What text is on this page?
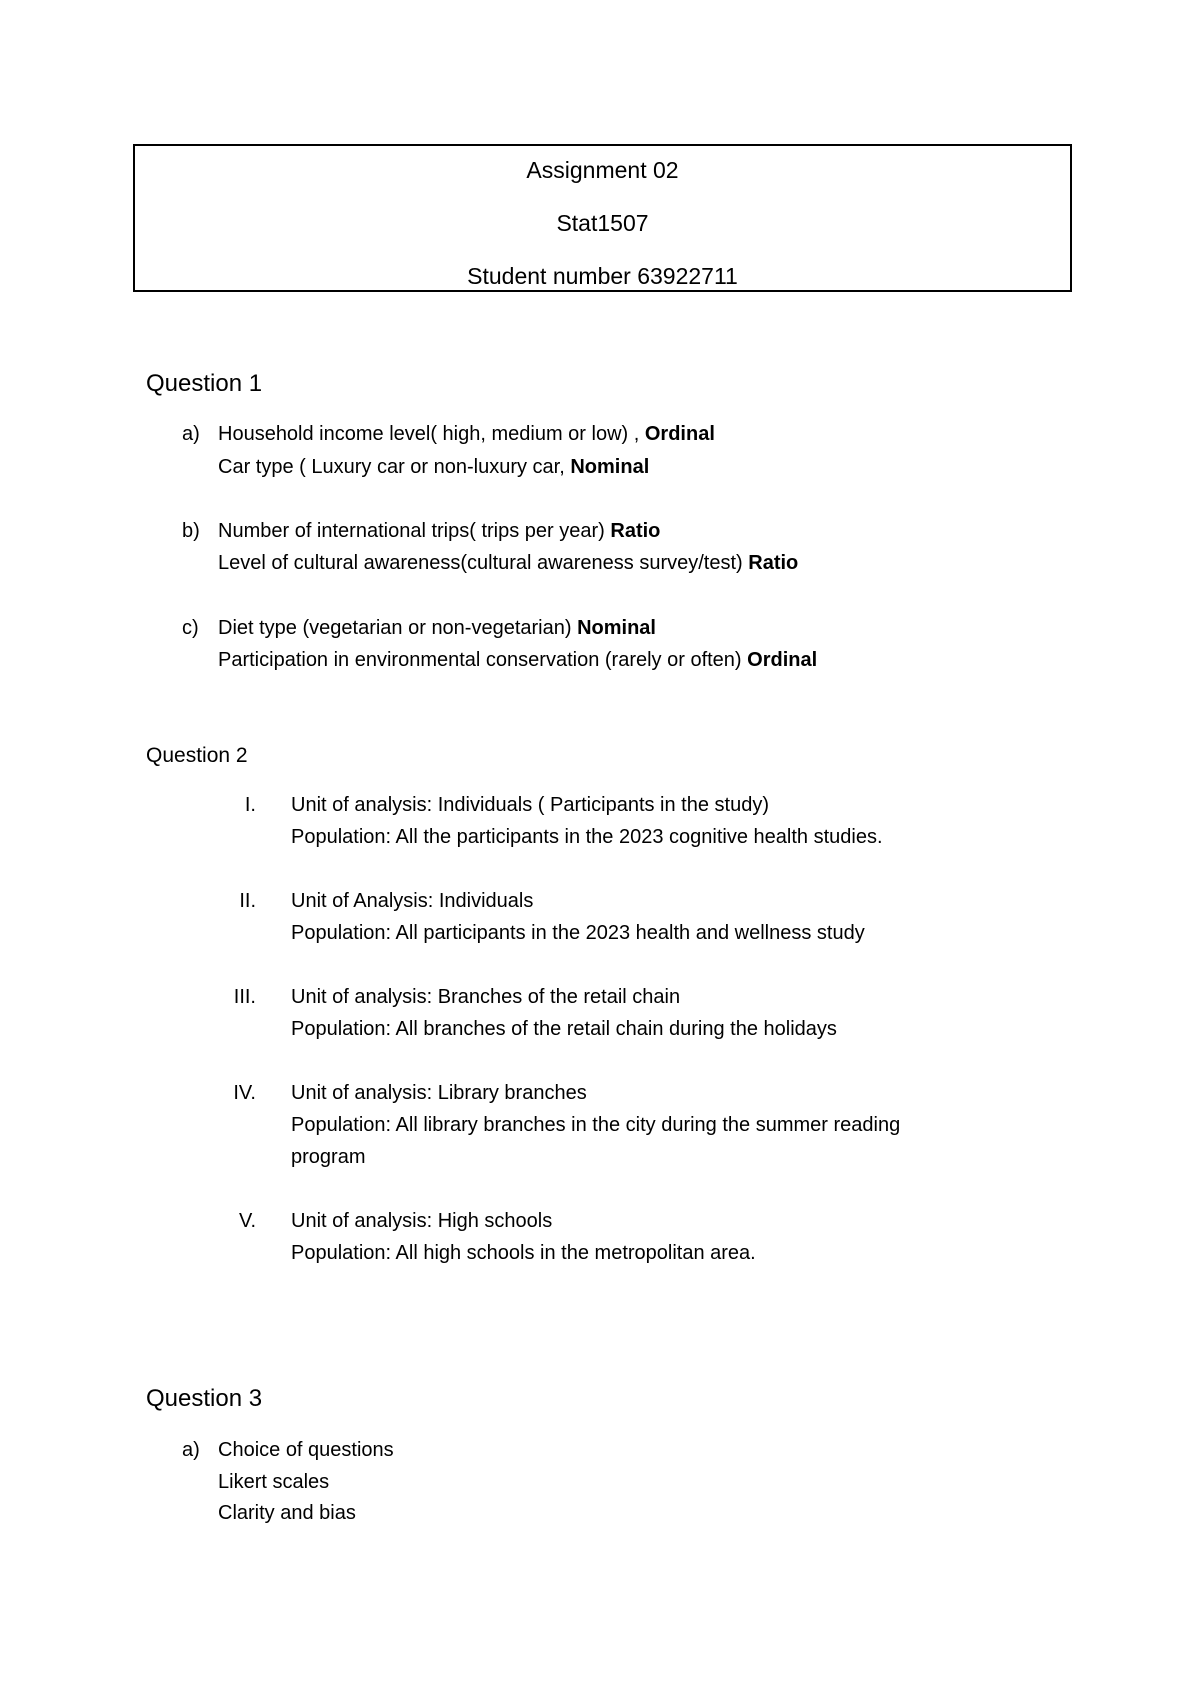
Assignment 02
Stat1507
Student number 63922711
Question 1
a) Household income level( high, medium or low) , Ordinal
Car type ( Luxury car or non-luxury car, Nominal
b) Number of international trips( trips per year) Ratio
Level of cultural awareness(cultural awareness survey/test) Ratio
c) Diet type (vegetarian or non-vegetarian) Nominal
Participation in environmental conservation (rarely or often) Ordinal
Question 2
I. Unit of analysis: Individuals ( Participants in the study)
Population: All the participants in the 2023 cognitive health studies.
II. Unit of Analysis: Individuals
Population: All participants in the 2023 health and wellness study
III. Unit of analysis: Branches of the retail chain
Population: All branches of the retail chain during the holidays
IV. Unit of analysis: Library branches
Population: All library branches in the city during the summer reading
program
V. Unit of analysis: High schools
Population: All high schools in the metropolitan area.
Question 3
a) Choice of questions
Likert scales
Clarity and bias
